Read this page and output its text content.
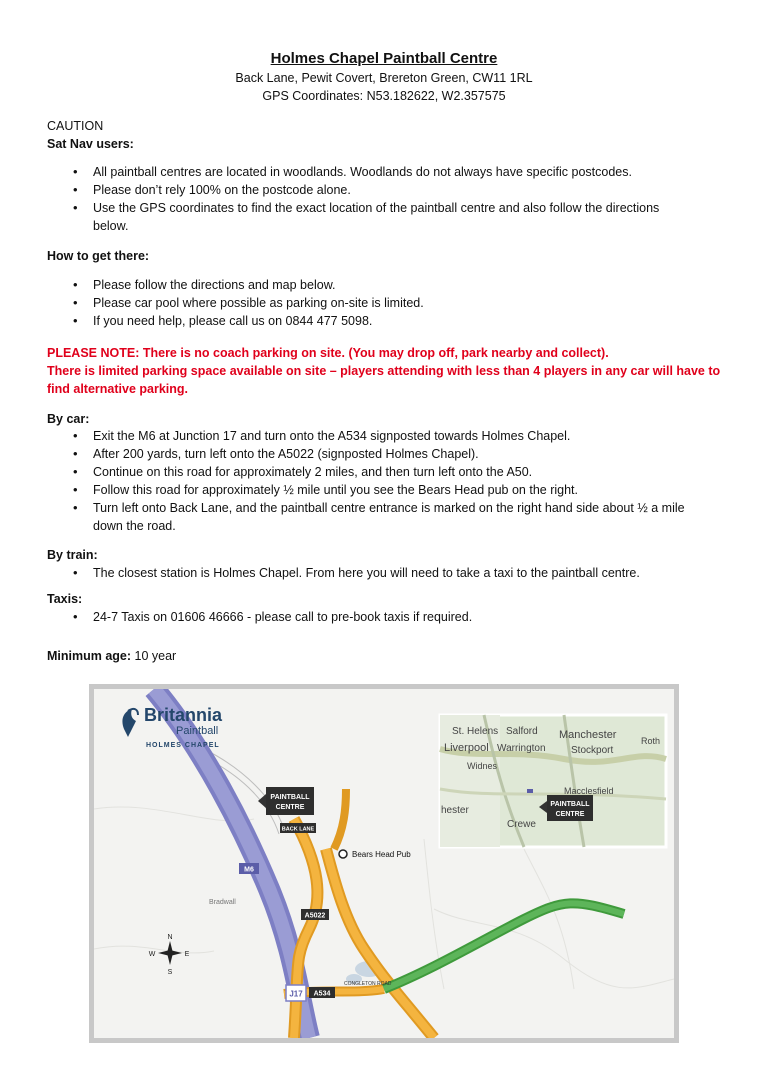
Holmes Chapel Paintball Centre
Back Lane, Pewit Covert, Brereton Green, CW11 1RL
GPS Coordinates: N53.182622, W2.357575
CAUTION
Sat Nav users:
• All paintball centres are located in woodlands. Woodlands do not always have specific postcodes.
• Please don’t rely 100% on the postcode alone.
• Use the GPS coordinates to find the exact location of the paintball centre and also follow the directions
below.
How to get there:
• Please follow the directions and map below.
• Please car pool where possible as parking on-site is limited.
• If you need help, please call us on 0844 477 5098.
PLEASE NOTE: There is no coach parking on site. (You may drop off, park nearby and collect).
There is limited parking space available on site – players attending with less than 4 players in any car will have to
find alternative parking.
By car:
• Exit the M6 at Junction 17 and turn onto the A534 signposted towards Holmes Chapel.
• After 200 yards, turn left onto the A5022 (signposted Holmes Chapel).
• Continue on this road for approximately 2 miles, and then turn left onto the A50.
• Follow this road for approximately ½ mile until you see the Bears Head pub on the right.
• Turn left onto Back Lane, and the paintball centre entrance is marked on the right hand side about ½ a mile
down the road.
By train:
• The closest station is Holmes Chapel. From here you will need to take a taxi to the paintball centre.
Taxis:
• 24-7 Taxis on 01606 46666 - please call to pre-book taxis if required.
Minimum age: 10 year
Britannia
Paintball
HOLMES CHAPEL
PAINTBALL
CENTRE
BACK LANE
Bears Head Pub
M6
A5022
A534
J17
CONGLETON ROAD
Bradwall
N
S
E
W
PAINTBALL
CENTRE
St. Helens Salford Manchester
Liverpool Warrington	Stockport
Roth
Widnes
hester
Crewe
Macclesfield
